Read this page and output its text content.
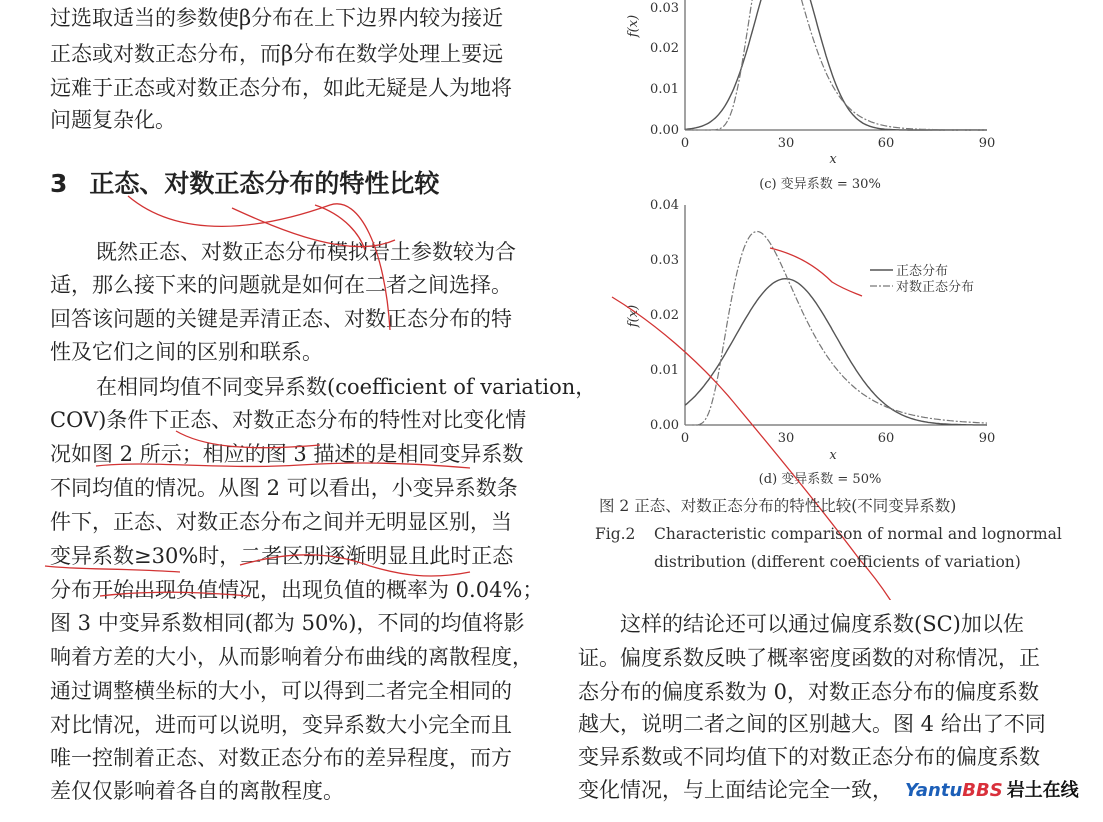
过选取适当的参数使β分布在上下边界内较为接近
正态或对数正态分布，而β分布在数学处理上要远
远难于正态或对数正态分布，如此无疑是人为地将
问题复杂化。
3 正态、对数正态分布的特性比较
既然正态、对数正态分布模拟岩土参数较为合
适，那么接下来的问题就是如何在二者之间选择。
回答该问题的关键是弄清正态、对数正态分布的特
性及它们之间的区别和联系。
在相同均值不同变异系数(coefficient of variation，
COV)条件下正态、对数正态分布的特性对比变化情
况如图 2 所示；相应的图 3 描述的是相同变异系数
不同均值的情况。从图 2 可以看出，小变异系数条
件下，正态、对数正态分布之间并无明显区别，当
变异系数≥30%时，二者区别逐渐明显且此时正态
分布开始出现负值情况，出现负值的概率为 0.04%；
图 3 中变异系数相同(都为 50%)，不同的均值将影
响着方差的大小，从而影响着分布曲线的离散程度，
通过调整横坐标的大小，可以得到二者完全相同的
对比情况，进而可以说明，变异系数大小完全而且
唯一控制着正态、对数正态分布的差异程度，而方
差仅仅影响着各自的离散程度。
0.00
0.01
0.02
0.03
0	30	60	90
x
f(x)
(c) 变异系数 = 30%
0.00
0.01
0.02
0.03
0.04
0	30	60	90
x
f(x)
正态分布
对数正态分布
(d) 变异系数 = 50%
图 2 正态、对数正态分布的特性比较(不同变异系数)
Fig.2 Characteristic comparison of normal and lognormal
distribution (different coefficients of variation)
这样的结论还可以通过偏度系数(SC)加以佐
证。偏度系数反映了概率密度函数的对称情况，正
态分布的偏度系数为 0，对数正态分布的偏度系数
越大，说明二者之间的区别越大。图 4 给出了不同
变异系数或不同均值下的对数正态分布的偏度系数
变化情况，与上面结论完全一致， YantuBBS 岩土在线
